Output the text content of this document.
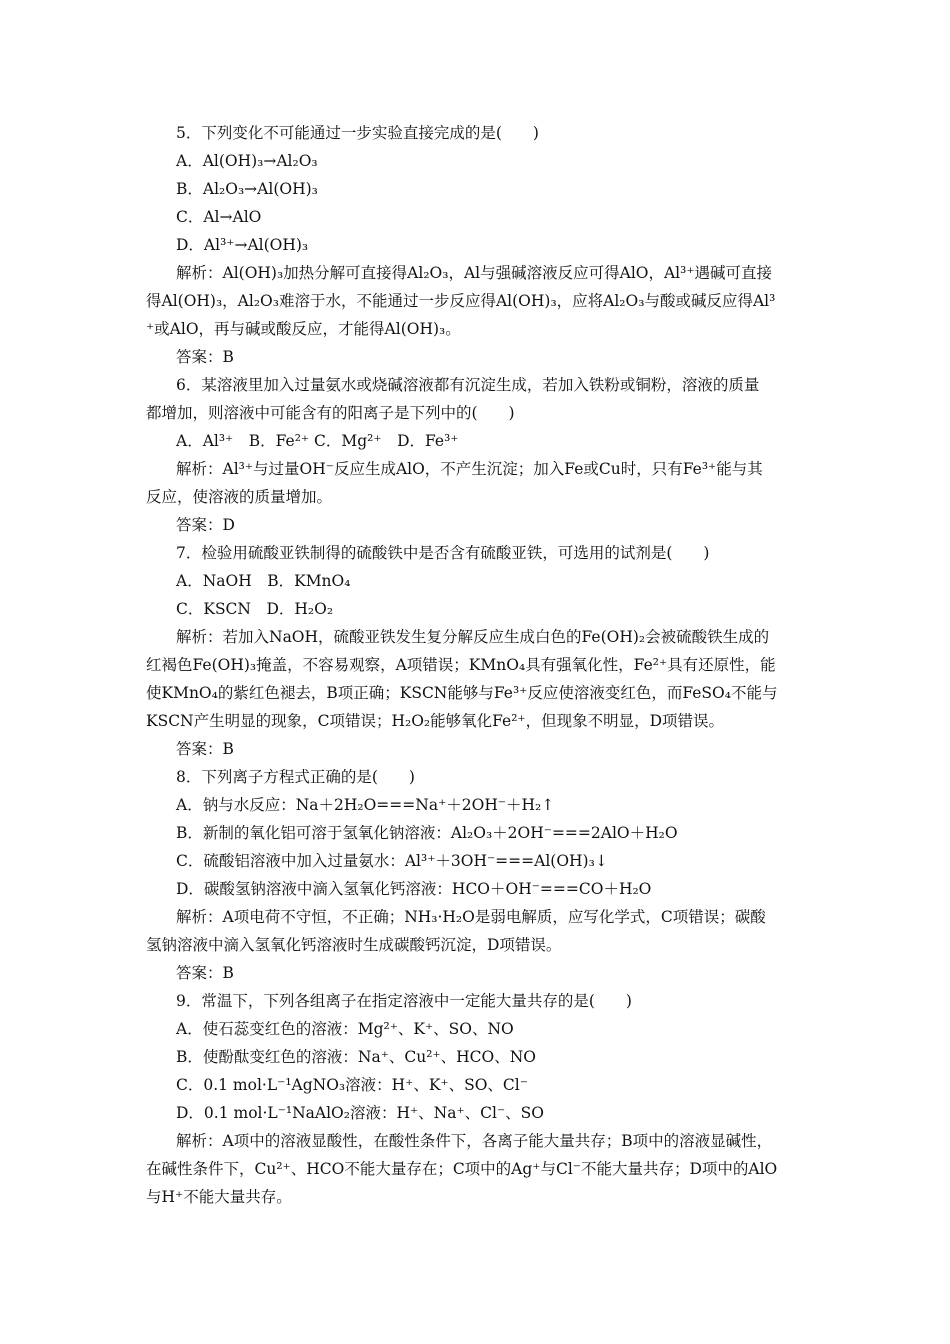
5．下列变化不可能通过一步实验直接完成的是(　　)
A．Al(OH)₃→Al₂O₃
B．Al₂O₃→Al(OH)₃
C．Al→AlO
D．Al³⁺→Al(OH)₃
解析：Al(OH)₃加热分解可直接得Al₂O₃，Al与强碱溶液反应可得AlO，Al³⁺遇碱可直接
得Al(OH)₃，Al₂O₃难溶于水，不能通过一步反应得Al(OH)₃，应将Al₂O₃与酸或碱反应得Al³
⁺或AlO，再与碱或酸反应，才能得Al(OH)₃。
答案：B
6．某溶液里加入过量氨水或烧碱溶液都有沉淀生成，若加入铁粉或铜粉，溶液的质量
都增加，则溶液中可能含有的阳离子是下列中的(　　)
A．Al³⁺　B．Fe²⁺ C．Mg²⁺　D．Fe³⁺
解析：Al³⁺与过量OH⁻反应生成AlO，不产生沉淀；加入Fe或Cu时，只有Fe³⁺能与其
反应，使溶液的质量增加。
答案：D
7．检验用硫酸亚铁制得的硫酸铁中是否含有硫酸亚铁，可选用的试剂是(　　)
A．NaOH　B．KMnO₄
C．KSCN　D．H₂O₂
解析：若加入NaOH，硫酸亚铁发生复分解反应生成白色的Fe(OH)₂会被硫酸铁生成的
红褐色Fe(OH)₃掩盖，不容易观察，A项错误；KMnO₄具有强氧化性，Fe²⁺具有还原性，能
使KMnO₄的紫红色褪去，B项正确；KSCN能够与Fe³⁺反应使溶液变红色，而FeSO₄不能与
KSCN产生明显的现象，C项错误；H₂O₂能够氧化Fe²⁺，但现象不明显，D项错误。
答案：B
8．下列离子方程式正确的是(　　)
A．钠与水反应：Na＋2H₂O===Na⁺＋2OH⁻＋H₂↑
B．新制的氧化铝可溶于氢氧化钠溶液：Al₂O₃＋2OH⁻===2AlO＋H₂O
C．硫酸铝溶液中加入过量氨水：Al³⁺＋3OH⁻===Al(OH)₃↓
D．碳酸氢钠溶液中滴入氢氧化钙溶液：HCO＋OH⁻===CO＋H₂O
解析：A项电荷不守恒，不正确；NH₃·H₂O是弱电解质，应写化学式，C项错误；碳酸
氢钠溶液中滴入氢氧化钙溶液时生成碳酸钙沉淀，D项错误。
答案：B
9．常温下，下列各组离子在指定溶液中一定能大量共存的是(　　)
A．使石蕊变红色的溶液：Mg²⁺、K⁺、SO、NO
B．使酚酞变红色的溶液：Na⁺、Cu²⁺、HCO、NO
C．0.1 mol·L⁻¹AgNO₃溶液：H⁺、K⁺、SO、Cl⁻
D．0.1 mol·L⁻¹NaAlO₂溶液：H⁺、Na⁺、Cl⁻、SO
解析：A项中的溶液显酸性，在酸性条件下，各离子能大量共存；B项中的溶液显碱性，
在碱性条件下，Cu²⁺、HCO不能大量存在；C项中的Ag⁺与Cl⁻不能大量共存；D项中的AlO
与H⁺不能大量共存。
